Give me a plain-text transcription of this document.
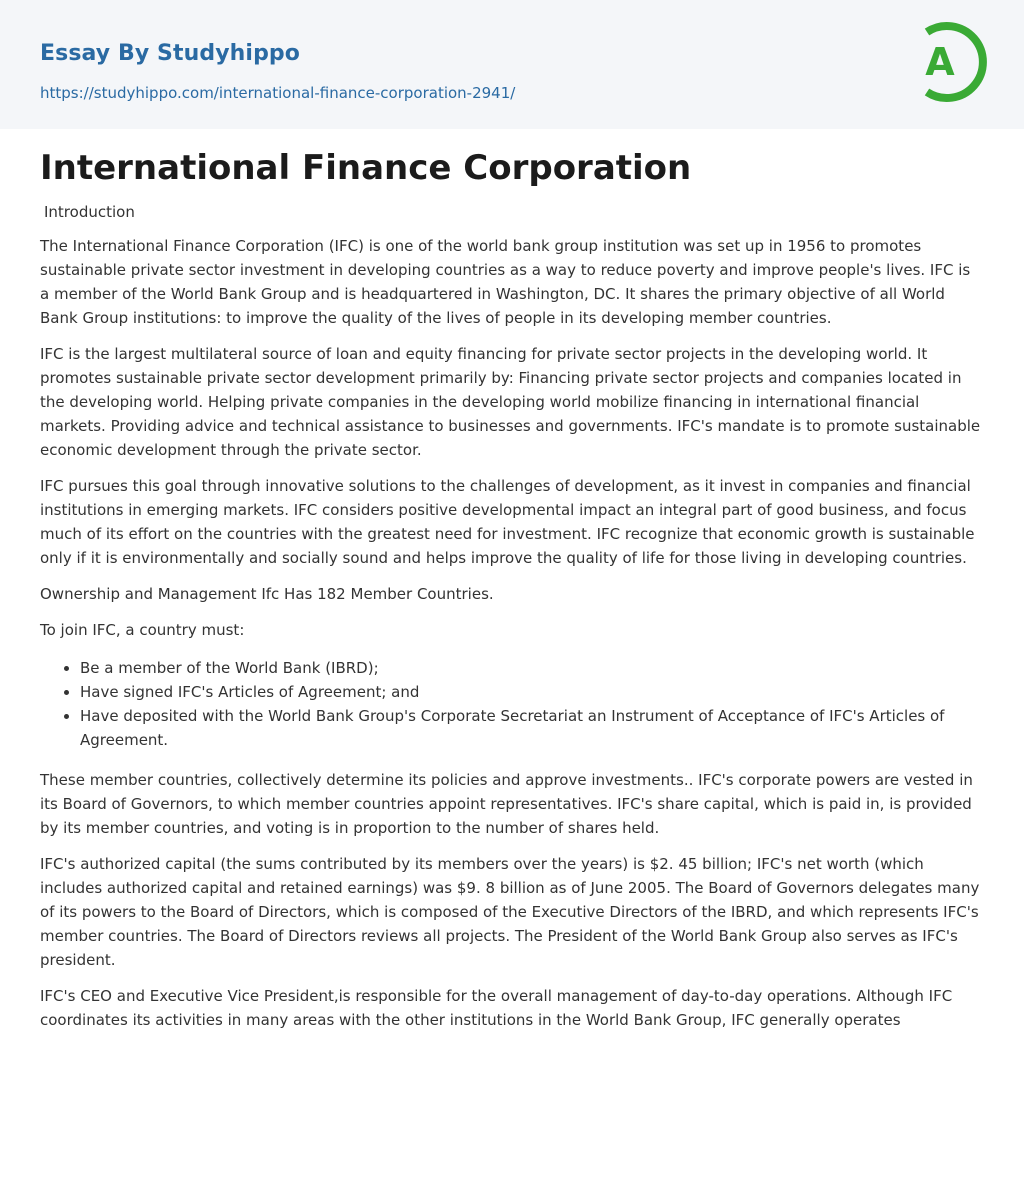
Essay By Studyhippo
https://studyhippo.com/international-finance-corporation-2941/
A
International Finance Corporation
Introduction

The International Finance Corporation (IFC) is one of the world bank group institution was set up in 1956 to promotes sustainable private sector investment in developing countries as a way to reduce poverty and improve people's lives. IFC is a member of the World Bank Group and is headquartered in Washington, DC. It shares the primary objective of all World Bank Group institutions: to improve the quality of the lives of people in its developing member countries.

IFC is the largest multilateral source of loan and equity financing for private sector projects in the developing world. It promotes sustainable private sector development primarily by: Financing private sector projects and companies located in the developing world. Helping private companies in the developing world mobilize financing in international financial markets. Providing advice and technical assistance to businesses and governments. IFC's mandate is to promote sustainable economic development through the private sector.

IFC pursues this goal through innovative solutions to the challenges of development, as it invest in companies and financial institutions in emerging markets. IFC considers positive developmental impact an integral part of good business, and focus much of its effort on the countries with the greatest need for investment. IFC recognize that economic growth is sustainable only if it is environmentally and socially sound and helps improve the quality of life for those living in developing countries.

Ownership and Management Ifc Has 182 Member Countries.

To join IFC, a country must:

• Be a member of the World Bank (IBRD);
• Have signed IFC's Articles of Agreement; and
• Have deposited with the World Bank Group's Corporate Secretariat an Instrument of Acceptance of IFC's Articles of Agreement.

These member countries, collectively determine its policies and approve investments.. IFC's corporate powers are vested in its Board of Governors, to which member countries appoint representatives. IFC's share capital, which is paid in, is provided by its member countries, and voting is in proportion to the number of shares held.

IFC's authorized capital (the sums contributed by its members over the years) is $2. 45 billion; IFC's net worth (which includes authorized capital and retained earnings) was $9. 8 billion as of June 2005. The Board of Governors delegates many of its powers to the Board of Directors, which is composed of the Executive Directors of the IBRD, and which represents IFC's member countries. The Board of Directors reviews all projects. The President of the World Bank Group also serves as IFC's president.

IFC's CEO and Executive Vice President,is responsible for the overall management of day-to-day operations. Although IFC coordinates its activities in many areas with the other institutions in the World Bank Group, IFC generally operates
